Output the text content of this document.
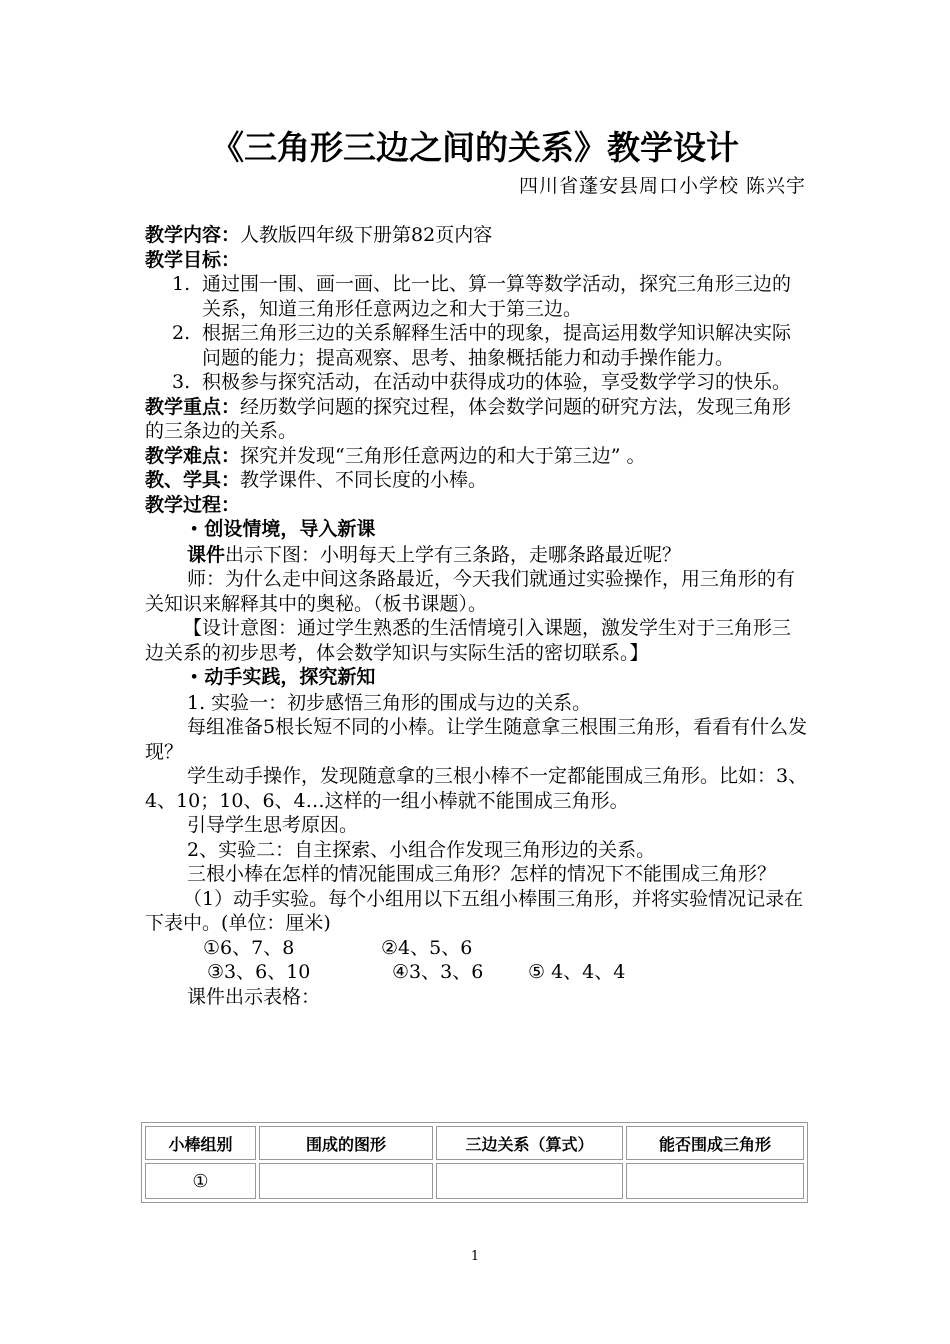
《三角形三边之间的关系》教学设计
四川省蓬安县周口小学校 陈兴宇

教学内容：人教版四年级下册第82页内容

教学目标：

1. 通过围一围、画一画、比一比、算一算等数学活动，探究三角形三边的关系，知道三角形任意两边之和大于第三边。
2. 根据三角形三边的关系解释生活中的现象，提高运用数学知识解决实际问题的能力；提高观察、思考、抽象概括能力和动手操作能力。
3. 积极参与探究活动，在活动中获得成功的体验，享受数学学习的快乐。

教学重点：经历数学问题的探究过程，体会数学问题的研究方法，发现三角形的三条边的关系。

教学难点：探究并发现“三角形任意两边的和大于第三边” 。

教、学具：教学课件、不同长度的小棒。

教学过程：

• 创设情境，导入新课

课件出示下图：小明每天上学有三条路，走哪条路最近呢？

师：为什么走中间这条路最近，今天我们就通过实验操作，用三角形的有关知识来解释其中的奥秘。（板书课题）。

【设计意图：通过学生熟悉的生活情境引入课题，激发学生对于三角形三边关系的初步思考，体会数学知识与实际生活的密切联系。】

• 动手实践，探究新知

1. 实验一：初步感悟三角形的围成与边的关系。

每组准备5根长短不同的小棒。让学生随意拿三根围三角形，看看有什么发现？

学生动手操作，发现随意拿的三根小棒不一定都能围成三角形。比如：3、4、10；10、6、4…这样的一组小棒就不能围成三角形。

引导学生思考原因。

2、实验二：自主探索、小组合作发现三角形边的关系。

三根小棒在怎样的情况能围成三角形？怎样的情况下不能围成三角形？

（1）动手实验。每个小组用以下五组小棒围三角形，并将实验情况记录在下表中。(单位：厘米)

①6、7、8	②4、5、6

③3、6、10	④3、3、6 ⑤ 4、4、4

课件出示表格：

小棒组别	围成的图形	三边关系（算式）	能否围成三角形
①			
1
